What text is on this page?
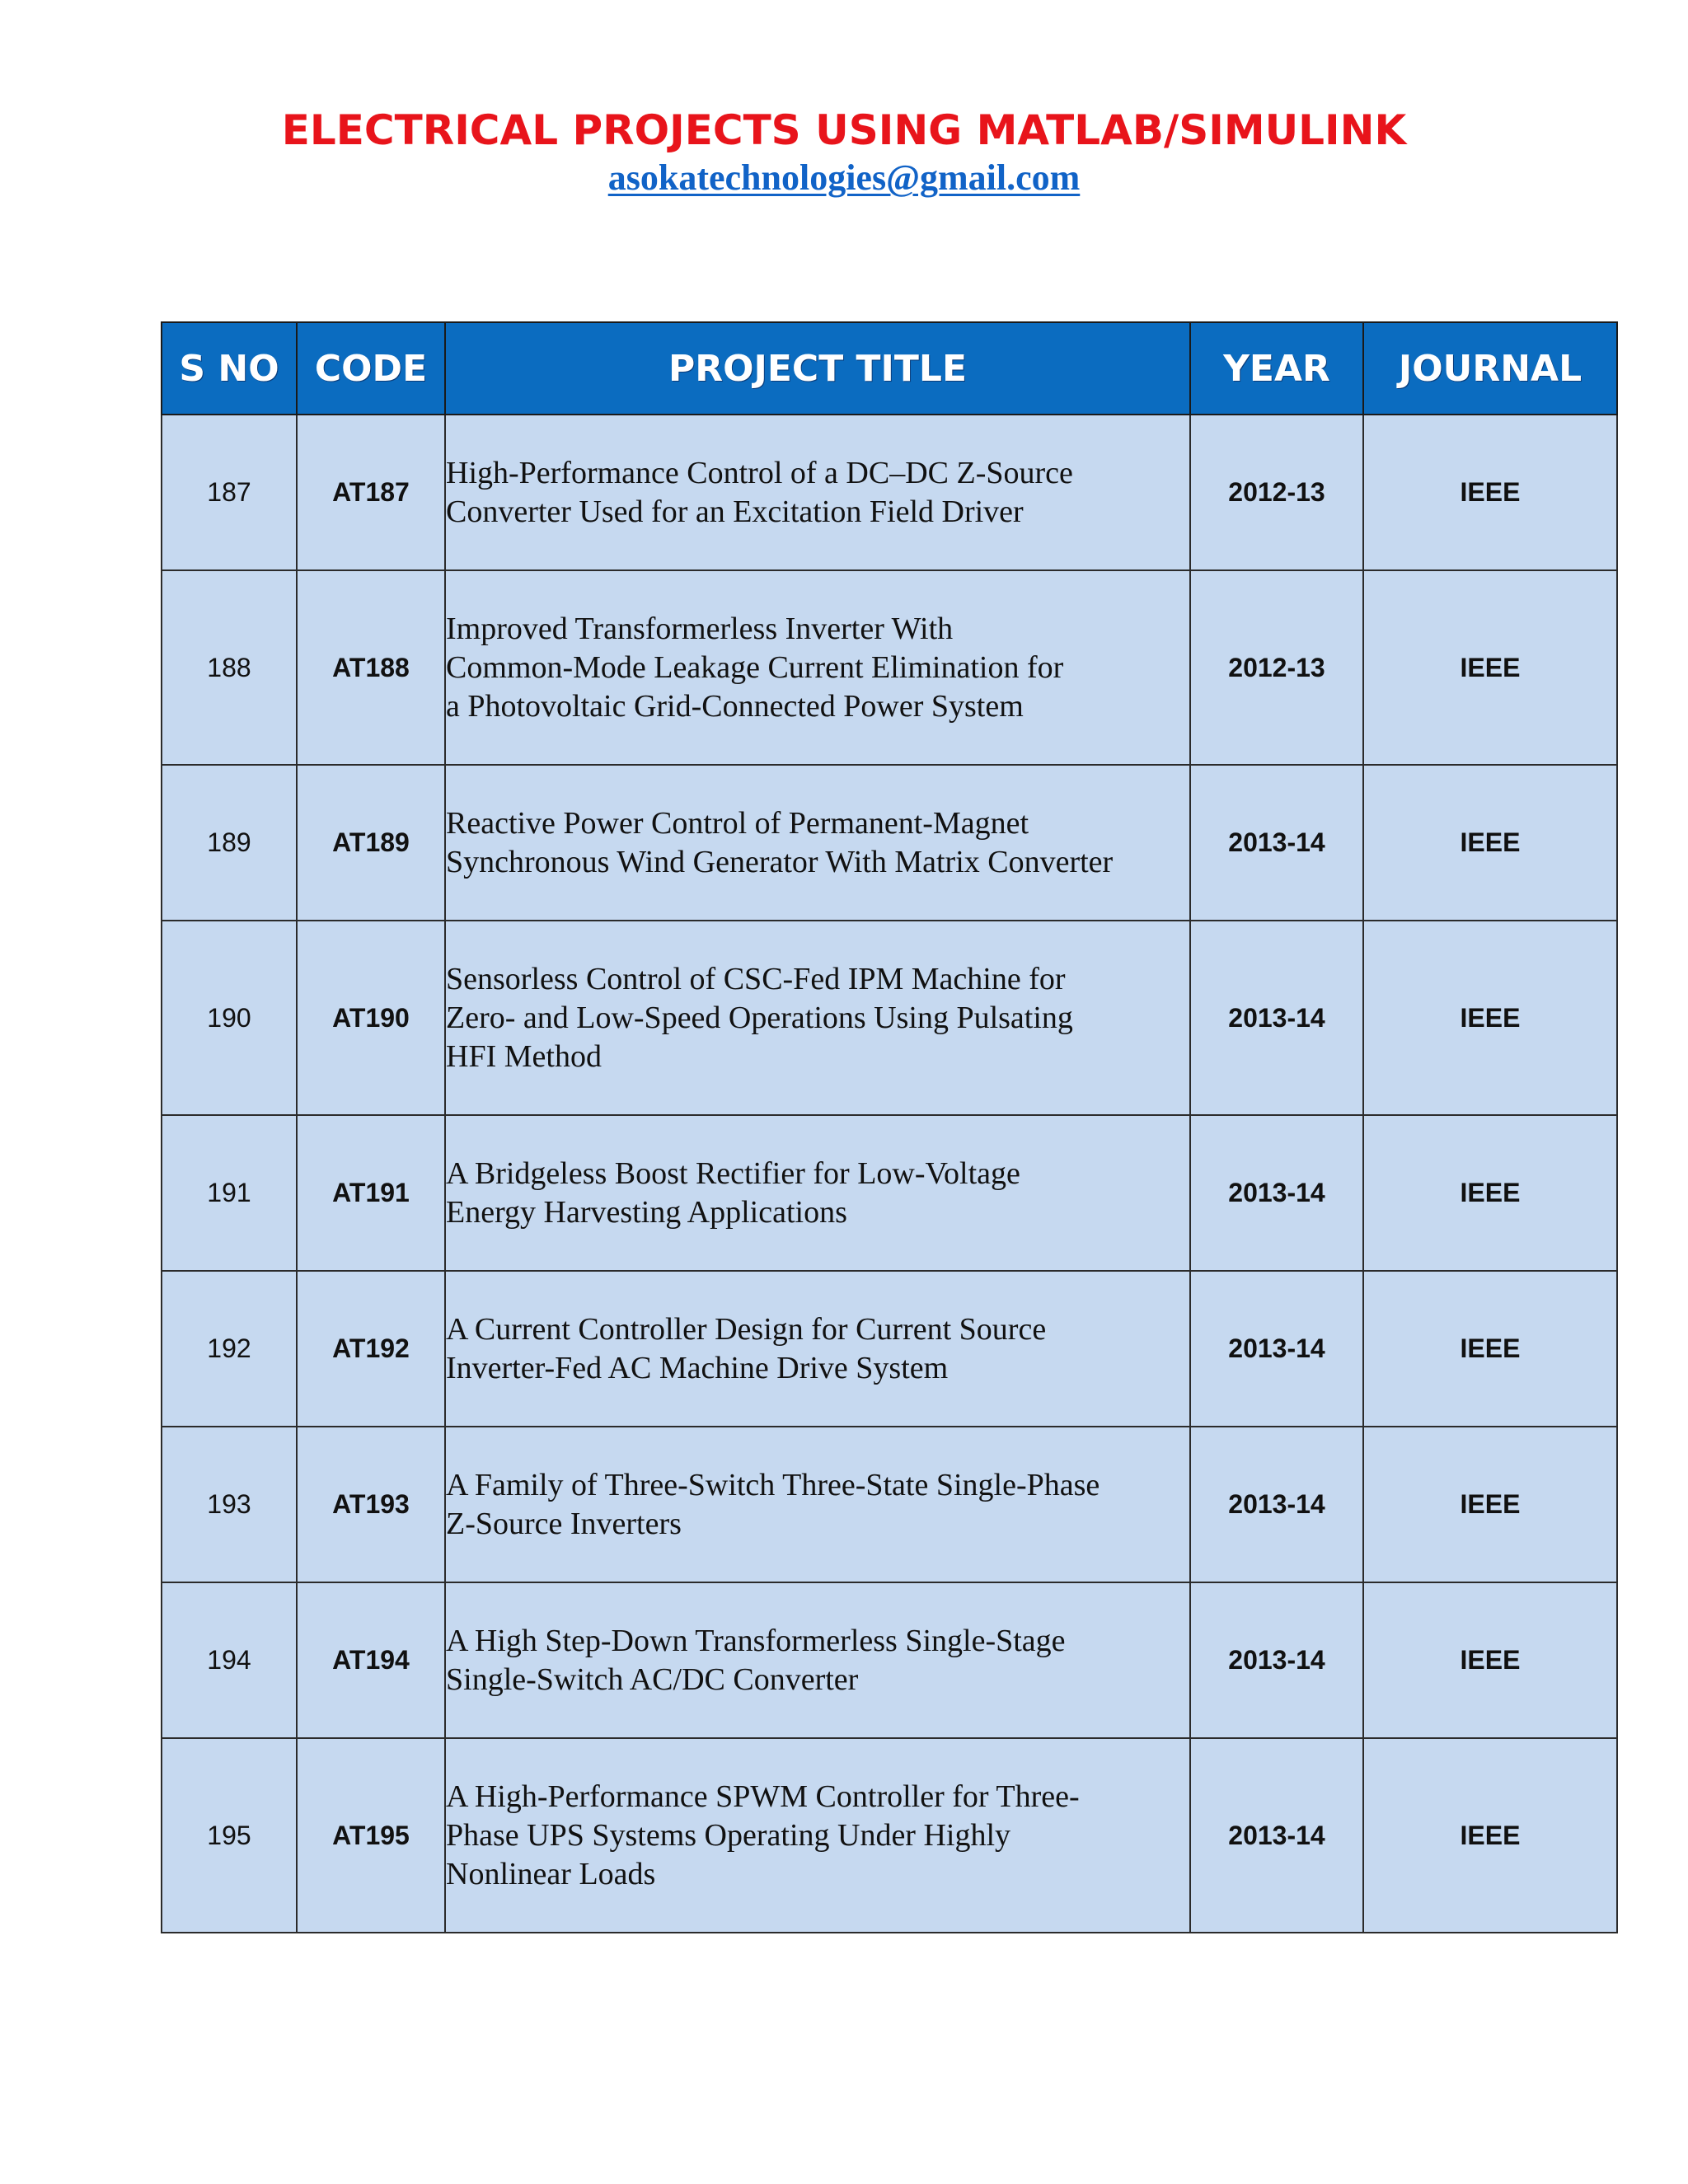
ELECTRICAL PROJECTS USING MATLAB/SIMULINK
asokatechnologies@gmail.com
S NO	CODE	PROJECT TITLE	YEAR	JOURNAL
187	AT187	High-Performance Control of a DC–DC Z-Source
Converter Used for an Excitation Field Driver	2012-13	IEEE
188	AT188	Improved Transformerless Inverter With
Common-Mode Leakage Current Elimination for
a Photovoltaic Grid-Connected Power System	2012-13	IEEE
189	AT189	Reactive Power Control of Permanent-Magnet
Synchronous Wind Generator With Matrix Converter	2013-14	IEEE
190	AT190	Sensorless Control of CSC-Fed IPM Machine for
Zero- and Low-Speed Operations Using Pulsating
HFI Method	2013-14	IEEE
191	AT191	A Bridgeless Boost Rectifier for Low-Voltage
Energy Harvesting Applications	2013-14	IEEE
192	AT192	A Current Controller Design for Current Source
Inverter-Fed AC Machine Drive System	2013-14	IEEE
193	AT193	A Family of Three-Switch Three-State Single-Phase
Z-Source Inverters	2013-14	IEEE
194	AT194	A High Step-Down Transformerless Single-Stage
Single-Switch AC/DC Converter	2013-14	IEEE
195	AT195	A High-Performance SPWM Controller for Three-
Phase UPS Systems Operating Under Highly
Nonlinear Loads	2013-14	IEEE
